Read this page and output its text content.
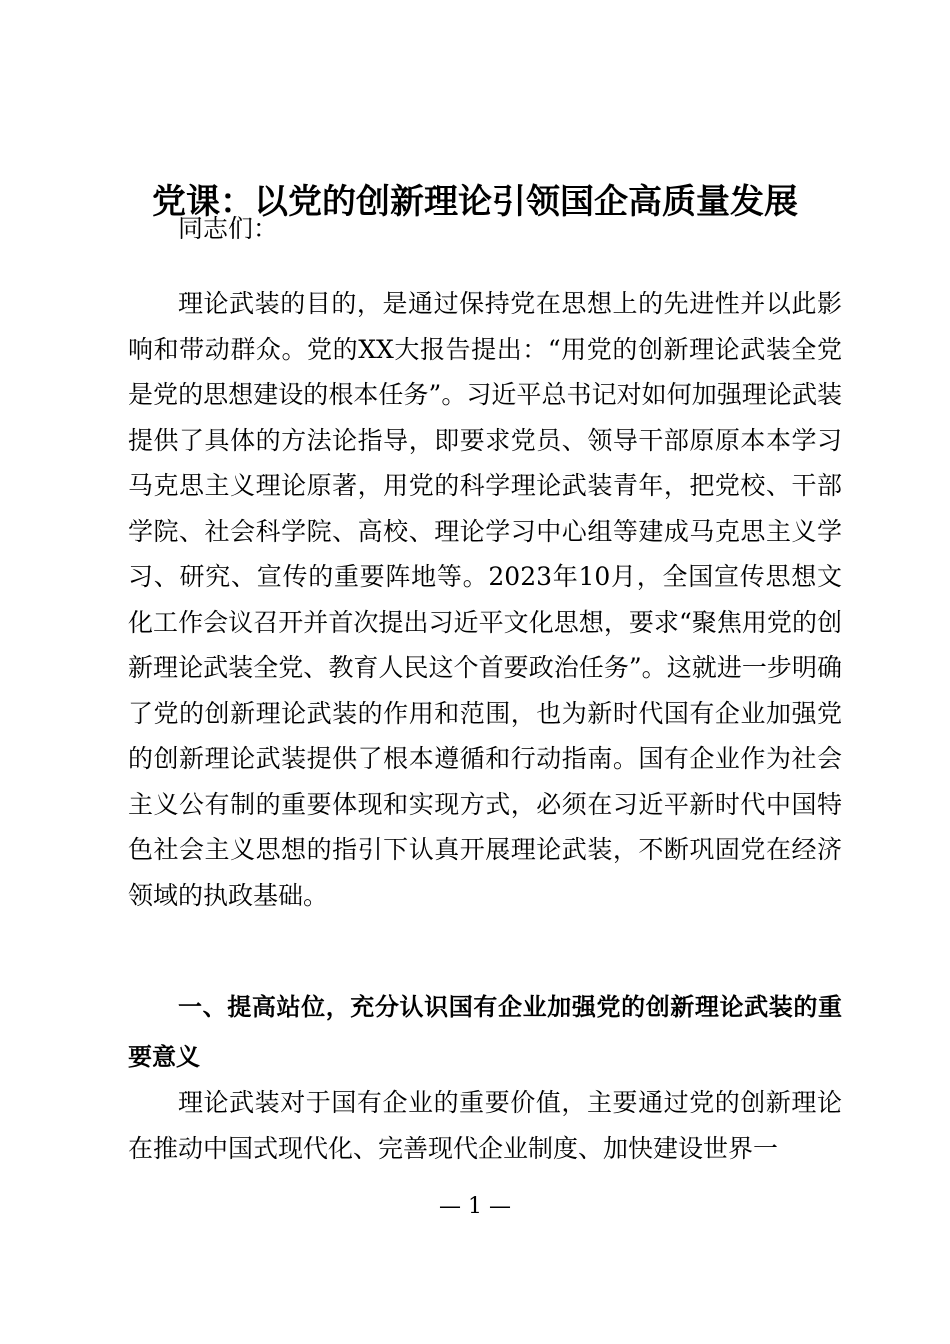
党课：以党的创新理论引领国企高质量发展

同志们：

理论武装的目的，是通过保持党在思想上的先进性并以此影响和带动群众。党的XX大报告提出：“用党的创新理论武装全党是党的思想建设的根本任务”。习近平总书记对如何加强理论武装提供了具体的方法论指导，即要求党员、领导干部原原本本学习马克思主义理论原著，用党的科学理论武装青年，把党校、干部学院、社会科学院、高校、理论学习中心组等建成马克思主义学习、研究、宣传的重要阵地等。2023年10月，全国宣传思想文化工作会议召开并首次提出习近平文化思想，要求“聚焦用党的创新理论武装全党、教育人民这个首要政治任务”。这就进一步明确了党的创新理论武装的作用和范围，也为新时代国有企业加强党的创新理论武装提供了根本遵循和行动指南。国有企业作为社会主义公有制的重要体现和实现方式，必须在习近平新时代中国特色社会主义思想的指引下认真开展理论武装，不断巩固党在经济领域的执政基础。

一、提高站位，充分认识国有企业加强党的创新理论武装的重要意义

理论武装对于国有企业的重要价值，主要通过党的创新理论在推动中国式现代化、完善现代企业制度、加快建设世界一

— 1 —
